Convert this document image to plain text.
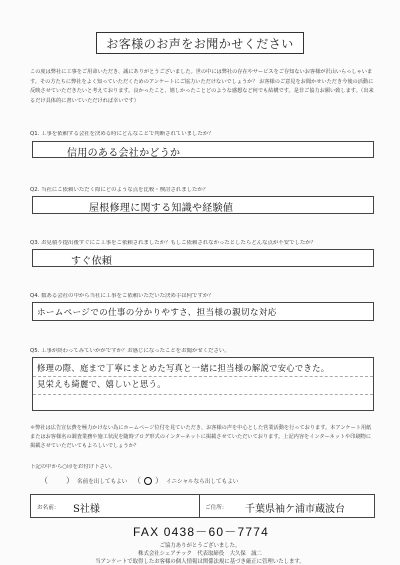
お客様のお声をお聞かせください
この度は弊社に工事をご用命いただき、誠にありがとうございました。世の中には弊社の存在やサービスをご存知ないお客様が沢山いらっしゃいます。その方たちに弊社をよく知っていただくためのアンケートにご協力いただけないでしょうか？ お客様のご意見をお聞かせいただき今後の活動に反映させていただきたいと考えております。良かったこと、嬉しかったことどのような感想など何でも結構です。是非ご協力お願い致します。（出来るだけ具体的に書いていただければ幸いです）
Q1. 工事を依頼する会社を決める時にどんなことで判断されていましたか？
信用のある会社かどうか
Q2. 当社にご依頼いただく際にどのような点を比較・検討されましたか？
屋根修理に関する知識や経験値
Q3. お見積り提出後すぐにご工事をご依頼されましたか？もしご依頼されなかったとしたらどんな点が不安でしたか？
すぐ依頼
Q4. 数ある会社の中から当社に工事をご依頼いただいた決め手は何ですか？
ホームページでの仕事の分かりやすさ、担当様の親切な対応
Q5. 工事が終わってみていかがですか？お感じになったことをお聞かせください。
修理の際、庭まで丁寧にまとめた写真と一緒に担当様の解説で安心できた。
見栄えも綺麗で、嬉しいと思う。
＊弊社は広告宣伝費を極力かけない為にホームページ位付を見ていただき、お客様の声を中心とした営業活動を行っております。本アンケート用紙またはお客様名の調査業務や施工状況を随時ブログ形式のインターネットに掲載させていただいております。上記内容をインターネットや印刷物に掲載させていただいてもよろしいでしょうか？
下記の中から○印をお付け下さい。
（ ） 名前を出してもよい （ ○ ） イニシャルなら出してもよい
お名前： S社様	ご住所： 千葉県袖ケ浦市蔵波台
FAX 0438－60－7774
ご協力ありがとうございました。
株式会社シェアテック　代表取締役　大久保　誠二
当アンケートで取得したお客様の個人情報は関係法規に基づき厳正に管理いたします。
